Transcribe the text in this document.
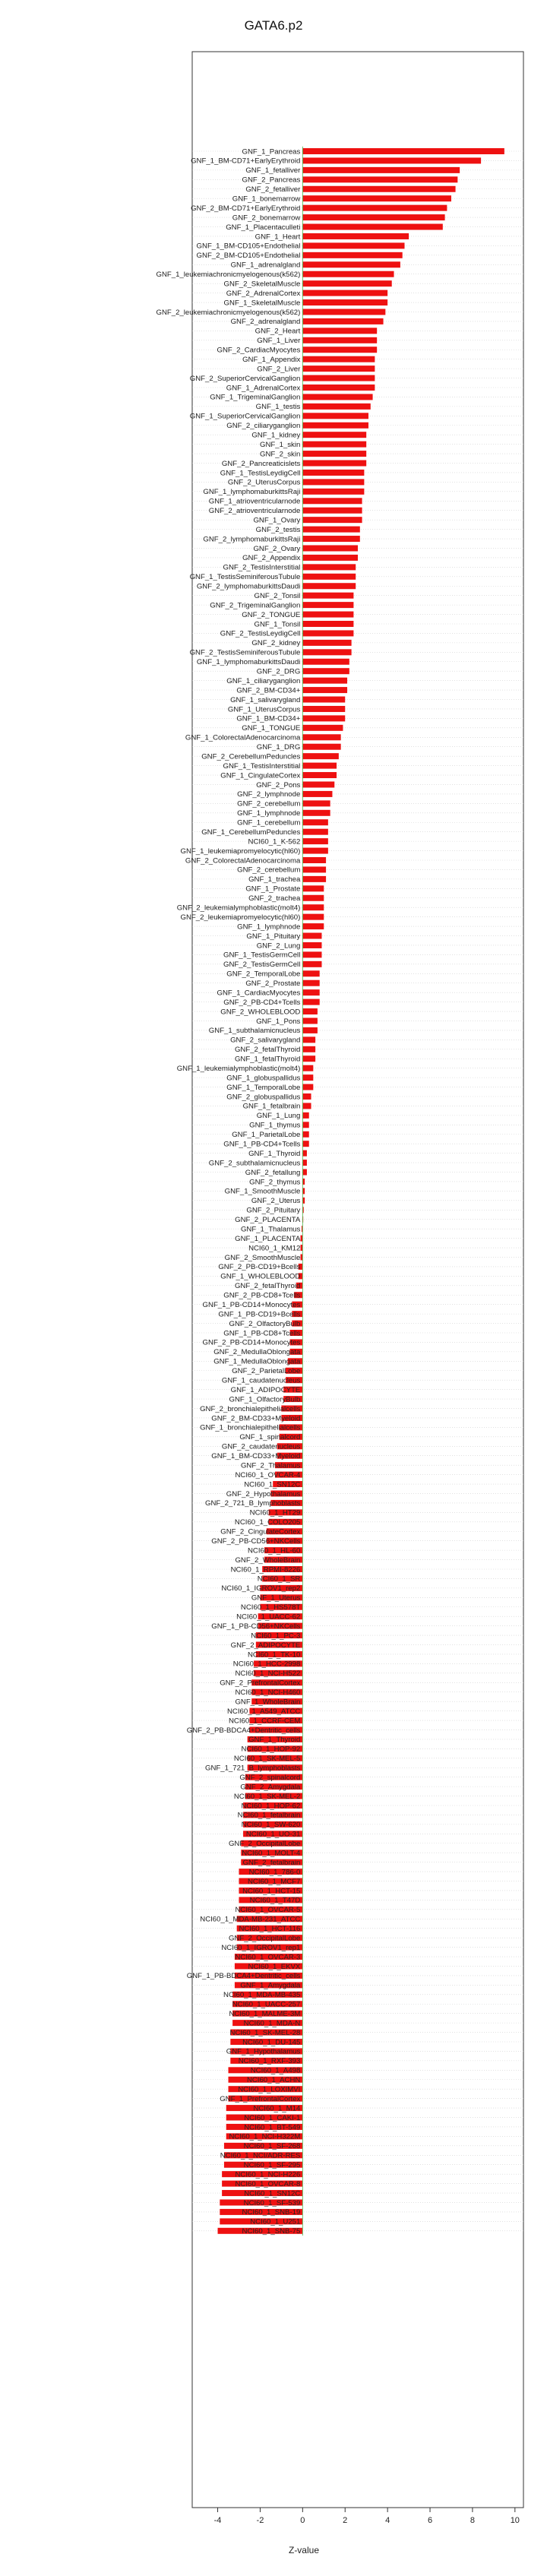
GATA6.p2
GNF_1_Pancreas
GNF_1_BM-CD71+EarlyErythroid
GNF_1_fetalliver
GNF_2_Pancreas
GNF_2_fetalliver
GNF_1_bonemarrow
GNF_2_BM-CD71+EarlyErythroid
GNF_2_bonemarrow
GNF_1_Placentaculleti
GNF_1_Heart
GNF_1_BM-CD105+Endothelial
GNF_2_BM-CD105+Endothelial
GNF_1_adrenalgland
GNF_1_leukemiachronicmyelogenous(k562)
GNF_2_SkeletalMuscle
GNF_2_AdrenalCortex
GNF_1_SkeletalMuscle
GNF_2_leukemiachronicmyelogenous(k562)
GNF_2_adrenalgland
GNF_2_Heart
GNF_1_Liver
GNF_2_CardiacMyocytes
GNF_1_Appendix
GNF_2_Liver
GNF_2_SuperiorCervicalGanglion
GNF_1_AdrenalCortex
GNF_1_TrigeminalGanglion
GNF_1_testis
GNF_1_SuperiorCervicalGanglion
GNF_2_ciliaryganglion
GNF_1_kidney
GNF_1_skin
GNF_2_skin
GNF_2_Pancreaticislets
GNF_1_TestisLeydigCell
GNF_2_UterusCorpus
GNF_1_lymphomaburkittsRaji
GNF_1_atrioventricularnode
GNF_2_atrioventricularnode
GNF_1_Ovary
GNF_2_testis
GNF_2_lymphomaburkittsRaji
GNF_2_Ovary
GNF_2_Appendix
GNF_2_TestisInterstitial
GNF_1_TestisSeminiferousTubule
GNF_2_lymphomaburkittsDaudi
GNF_2_Tonsil
GNF_2_TrigeminalGanglion
GNF_2_TONGUE
GNF_1_Tonsil
GNF_2_TestisLeydigCell
GNF_2_kidney
GNF_2_TestisSeminiferousTubule
GNF_1_lymphomaburkittsDaudi
GNF_2_DRG
GNF_1_ciliaryganglion
GNF_2_BM-CD34+
GNF_1_salivarygland
GNF_1_UterusCorpus
GNF_1_BM-CD34+
GNF_1_TONGUE
GNF_1_ColorectalAdenocarcinoma
GNF_1_DRG
GNF_2_CerebellumPeduncles
GNF_1_TestisInterstitial
GNF_1_CingulateCortex
GNF_2_Pons
GNF_2_lymphnode
GNF_2_cerebellum
GNF_1_lymphnode
GNF_1_cerebellum
GNF_1_CerebellumPeduncles
NCI60_1_K-562
GNF_1_leukemiapromyelocytic(hl60)
GNF_2_ColorectalAdenocarcinoma
GNF_2_cerebellum
GNF_1_trachea
GNF_1_Prostate
GNF_2_trachea
GNF_2_leukemialymphoblastic(molt4)
GNF_2_leukemiapromyelocytic(hl60)
GNF_1_lymphnode
GNF_1_Pituitary
GNF_2_Lung
GNF_1_TestisGermCell
GNF_2_TestisGermCell
GNF_2_TemporalLobe
GNF_2_Prostate
GNF_1_CardiacMyocytes
GNF_2_PB-CD4+Tcells
GNF_2_WHOLEBLOOD
GNF_1_Pons
GNF_1_subthalamicnucleus
GNF_2_salivarygland
GNF_2_fetalThyroid
GNF_1_fetalThyroid
GNF_1_leukemialymphoblastic(molt4)
GNF_1_globuspallidus
GNF_1_TemporalLobe
GNF_2_globuspallidus
GNF_1_fetalbrain
GNF_1_Lung
GNF_1_thymus
GNF_1_ParietalLobe
GNF_1_PB-CD4+Tcells
GNF_1_Thyroid
GNF_2_subthalamicnucleus
GNF_2_fetallung
GNF_2_thymus
GNF_1_SmoothMuscle
GNF_2_Uterus
GNF_2_Pituitary
GNF_2_PLACENTA
GNF_1_Thalamus
GNF_1_PLACENTA
NCI60_1_KM12
GNF_2_SmoothMuscle
GNF_2_PB-CD19+Bcells
GNF_1_WHOLEBLOOD
GNF_2_fetalThyroid
GNF_2_PB-CD8+Tcells
GNF_1_PB-CD14+Monocytes
GNF_1_PB-CD19+Bcells
GNF_2_OlfactoryBulb
GNF_1_PB-CD8+Tcells
GNF_2_PB-CD14+Monocytes
GNF_2_MedullaOblongata
GNF_1_MedullaOblongata
GNF_2_ParietalLobe
GNF_1_caudatenucleus
GNF_1_ADIPOCYTE
GNF_1_OlfactoryBulb
GNF_2_bronchialepithelialcells
GNF_2_BM-CD33+Myeloid
GNF_1_bronchialepithelialcells
GNF_1_spinalcord
GNF_2_caudatenucleus
GNF_1_BM-CD33+Myeloid
GNF_2_Thalamus
NCI60_1_OVCAR-4
NCI60_1_SN12C
GNF_2_Hypothalamus
GNF_2_721_B_lymphoblasts
NCI60_1_HT29
NCI60_1_COLO205
GNF_2_CingulateCortex
GNF_2_PB-CD56+NKCells
NCI60_1_HL-60
GNF_2_WholeBrain
NCI60_1_RPMI-8226
NCI60_1_SR
NCI60_1_IGROV1_rep2
GNF_1_Uterus
NCI60_1_HS578T
NCI60_1_UACC-62
GNF_1_PB-CD56+NKCells
NCI60_1_PC-3
GNF_2_ADIPOCYTE
NCI60_1_TK-10
NCI60_1_HCC-2998
NCI60_1_NCI-H522
GNF_2_PrefrontalCortex
NCI60_1_NCI-H460
GNF_1_WholeBrain
NCI60_1_A549_ATCC
NCI60_1_CCRF-CEM
GNF_2_PB-BDCA4+Dentritic_cells
GNF_1_Thyroid
NCI60_1_HOP-92
NCI60_1_SK-MEL-5
GNF_1_721_B_lymphoblasts
GNF_2_spinalcord
GNF_2_Amygdala
NCI60_1_SK-MEL-2
NCI60_1_HOP-62
NCI60_1_fetalbrain
NCI60_1_SW-620
NCI60_1_UO-31
GNF_2_OccipitalLobe
NCI60_1_MOLT-4
GNF_2_fetalbrain
NCI60_1_786-0
NCI60_1_MCF7
NCI60_1_HCT-15
NCI60_1_T47D
NCI60_1_OVCAR-5
NCI60_1_MDA-MB-231_ATCC
NCI60_1_HCT-116
GNF_2_OccipitalLobe
NCI60_1_IGROV1_rep1
NCI60_1_OVCAR-3
NCI60_1_EKVX
GNF_1_PB-BDCA4+Dentritic_cells
GNF_1_Amygdala
NCI60_1_MDA-MB-435
NCI60_1_UACC-257
NCI60_1_MALME-3M
NCI60_1_MDA-N
NCI60_1_SK-MEL-28
NCI60_1_DU-145
GNF_1_Hypothalamus
NCI60_1_RXF-393
NCI60_1_A498
NCI60_1_ACHN
NCI60_1_LOXIMVI
GNF_1_PrefrontalCortex
NCI60_1_M14
NCI60_1_CAKI-1
NCI60_1_BT-549
NCI60_1_NCI-H322M
NCI60_1_SF-268
NCI60_1_NCI/ADR-RES
NCI60_1_SF-295
NCI60_1_NCI-H226
NCI60_1_OVCAR-8
NCI60_1_SN12C
NCI60_1_SF-539
NCI60_1_SNB-19
NCI60_1_U251
NCI60_1_SNB-75
-4	-2	0	2	4	6	8	10
Z-value
